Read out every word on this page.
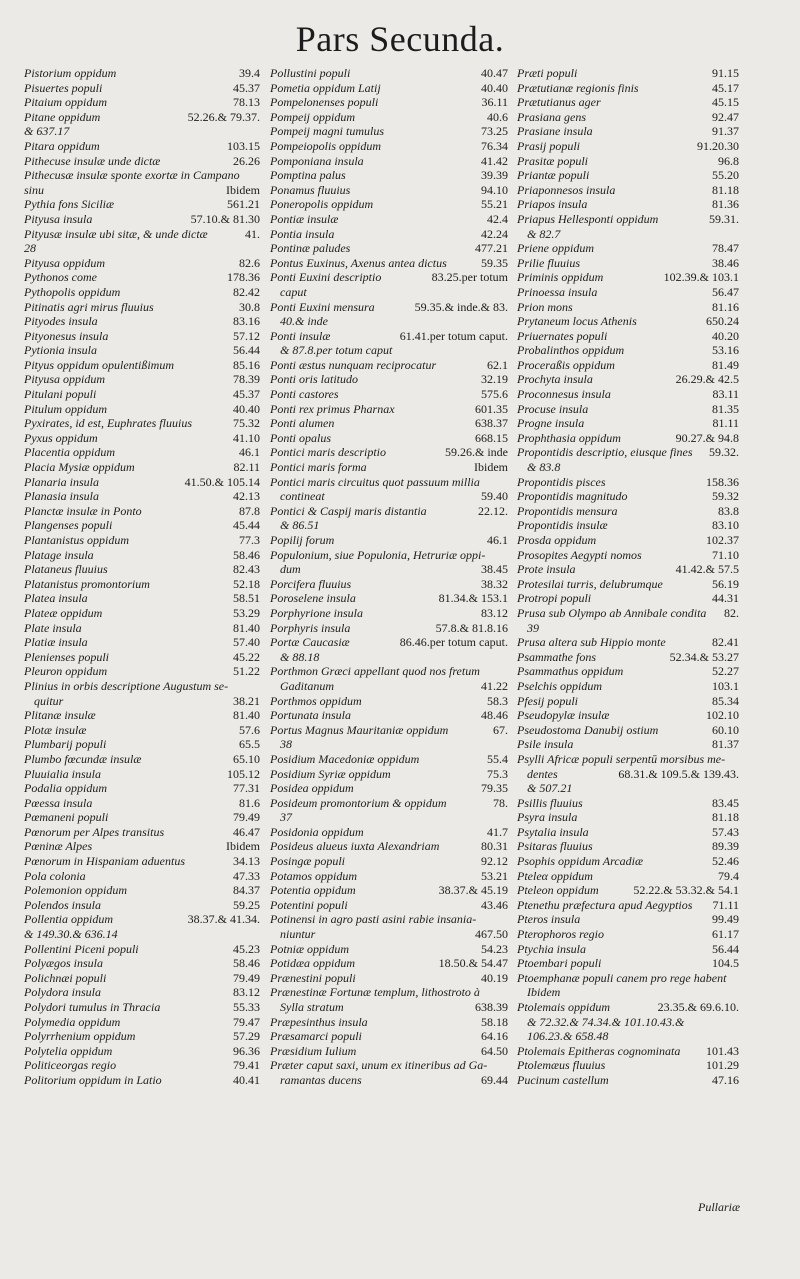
Pars Secunda.
39.4
Pistorium oppidum
45.37
Pisuertes populi
78.13
Pitaium oppidum
52.26.& 79.37.
Pitane oppidum
& 637.17
103.15
Pitara oppidum
26.26
Pithecuse insulæ unde dictæ
Pithecusæ insulæ sponte exortæ in Campano
Ibidem
sinu
561.21
Pythia fons Siciliæ
57.10.& 81.30
Pityusa insula
41.
Pityusæ insulæ ubi sitæ, & unde dictæ
28
82.6
Pityusa oppidum
178.36
Pythonos come
82.42
Pythopolis oppidum
30.8
Pitinatis agri mirus fluuius
83.16
Pityodes insula
57.12
Pityonesus insula
56.44
Pytionia insula
85.16
Pityus oppidum opulentißimum
78.39
Pityusa oppidum
45.37
Pitulani populi
40.40
Pitulum oppidum
75.32
Pyxirates, id est, Euphrates fluuius
41.10
Pyxus oppidum
46.1
Placentia oppidum
82.11
Placia Mysiæ oppidum
41.50.& 105.14
Planaria insula
42.13
Planasia insula
87.8
Planctæ insulæ in Ponto
45.44
Plangenses populi
77.3
Plantanistus oppidum
58.46
Platage insula
82.43
Plataneus fluuius
52.18
Platanistus promontorium
58.51
Platea insula
53.29
Plateæ oppidum
81.40
Plate insula
57.40
Platiæ insula
45.22
Plenienses populi
51.22
Pleuron oppidum
Plinius in orbis descriptione Augustum se-
38.21
quitur
81.40
Plitanæ insulæ
57.6
Plotæ insulæ
65.5
Plumbarij populi
65.10
Plumbo fœcundæ insulæ
105.12
Pluuialia insula
77.31
Podalia oppidum
81.6
Pœessa insula
79.49
Pœmaneni populi
46.47
Pœnorum per Alpes transitus
Ibidem
Pœninæ Alpes
34.13
Pœnorum in Hispaniam aduentus
47.33
Pola colonia
84.37
Polemonion oppidum
59.25
Polendos insula
38.37.& 41.34.
Pollentia oppidum
& 149.30.& 636.14
45.23
Pollentini Piceni populi
58.46
Polyægos insula
79.49
Polichnæi populi
83.12
Polydora insula
55.33
Polydori tumulus in Thracia
79.47
Polymedia oppidum
57.29
Polyrrhenium oppidum
96.36
Polytelia oppidum
79.41
Politiceorgas regio
40.41
Politorium oppidum in Latio
40.47
Pollustini populi
40.40
Pometia oppidum Latij
36.11
Pompelonenses populi
40.6
Pompeij oppidum
73.25
Pompeij magni tumulus
76.34
Pompeiopolis oppidum
41.42
Pomponiana insula
39.39
Pomptina palus
94.10
Ponamus fluuius
55.21
Poneropolis oppidum
42.4
Pontiæ insulæ
42.24
Pontia insula
477.21
Pontinæ paludes
59.35
Pontus Euxinus, Axenus antea dictus
83.25.per totum
Ponti Euxini descriptio
caput
59.35.& inde.& 83.
Ponti Euxini mensura
40.& inde
61.41.per totum caput.
Ponti insulæ
& 87.8.per totum caput
62.1
Ponti æstus nunquam reciprocatur
32.19
Ponti oris latitudo
575.6
Ponti castores
601.35
Ponti rex primus Pharnax
638.37
Ponti alumen
668.15
Ponti opalus
59.26.& inde
Pontici maris descriptio
Ibidem
Pontici maris forma
Pontici maris circuitus quot passuum millia
59.40
contineat
22.12.
Pontici & Caspij maris distantia
& 86.51
46.1
Popilij forum
Populonium, siue Populonia, Hetruriæ oppi-
38.45
dum
38.32
Porcifera fluuius
81.34.& 153.1
Poroselene insula
83.12
Porphyrione insula
57.8.& 81.8.16
Porphyris insula
86.46.per totum caput.
Portæ Caucasiæ
& 88.18
Porthmon Græci appellant quod nos fretum
41.22
Gaditanum
58.3
Porthmos oppidum
48.46
Portunata insula
67.
Portus Magnus Mauritaniæ oppidum
38
55.4
Posidium Macedoniæ oppidum
75.3
Posidium Syriæ oppidum
79.35
Posidea oppidum
78.
Posideum promontorium & oppidum
37
41.7
Posidonia oppidum
80.31
Posideus alueus iuxta Alexandriam
92.12
Posingæ populi
53.21
Potamos oppidum
38.37.& 45.19
Potentia oppidum
43.46
Potentini populi
Potinensi in agro pasti asini rabie insania-
467.50
niuntur
54.23
Potniæ oppidum
18.50.& 54.47
Potidæa oppidum
40.19
Prænestini populi
Prænestinæ Fortunæ templum, lithostroto à
638.39
Sylla stratum
58.18
Præpesinthus insula
64.16
Præsamarci populi
64.50
Præsidium Iulium
Præter caput saxi, unum ex itineribus ad Ga-
69.44
ramantas ducens
91.15
Præti populi
45.17
Prætutianæ regionis finis
45.15
Prætutianus ager
92.47
Prasiana gens
91.37
Prasiane insula
91.20.30
Prasij populi
96.8
Prasitæ populi
55.20
Priantæ populi
81.18
Priaponnesos insula
81.36
Priapos insula
59.31.
Priapus Hellesponti oppidum
& 82.7
78.47
Priene oppidum
38.46
Prilie fluuius
102.39.& 103.1
Priminis oppidum
56.47
Prinoessa insula
81.16
Prion mons
650.24
Prytaneum locus Athenis
40.20
Priuernates populi
53.16
Probalinthos oppidum
81.49
Proceraßis oppidum
26.29.& 42.5
Prochyta insula
83.11
Proconnesus insula
81.35
Procuse insula
81.11
Progne insula
90.27.& 94.8
Prophthasia oppidum
59.32.
Propontidis descriptio, eiusque fines
& 83.8
158.36
Propontidis pisces
59.32
Propontidis magnitudo
83.8
Propontidis mensura
83.10
Propontidis insulæ
102.37
Prosda oppidum
71.10
Prosopites Aegypti nomos
41.42.& 57.5
Prote insula
56.19
Protesilai turris, delubrumque
44.31
Protropi populi
82.
Prusa sub Olympo ab Annibale condita
39
82.41
Prusa altera sub Hippio monte
52.34.& 53.27
Psammathe fons
52.27
Psammathus oppidum
103.1
Pselchis oppidum
85.34
Pfesij populi
102.10
Pseudopylæ insulæ
60.10
Pseudostoma Danubij ostium
81.37
Psile insula
Psylli Africæ populi serpentū morsibus me-
68.31.& 109.5.& 139.43.
dentes
& 507.21
83.45
Psillis fluuius
81.18
Psyra insula
57.43
Psytalia insula
89.39
Psitaras fluuius
52.46
Psophis oppidum Arcadiæ
79.4
Pteleα oppidum
52.22.& 53.32.& 54.1
Pteleon oppidum
71.11
Ptenethu præfectura apud Aegyptios
99.49
Pteros insula
61.17
Pterophoros regio
56.44
Ptychia insula
104.5
Ptoembari populi
Ptoemphanæ populi canem pro rege habent
Ibidem
23.35.& 69.6.10.
Ptolemais oppidum
& 72.32.& 74.34.& 101.10.43.&
106.23.& 658.48
101.43
Ptolemais Epitheras cognominata
101.29
Ptolemæus fluuius
47.16
Pucinum castellum
Pullariæ
